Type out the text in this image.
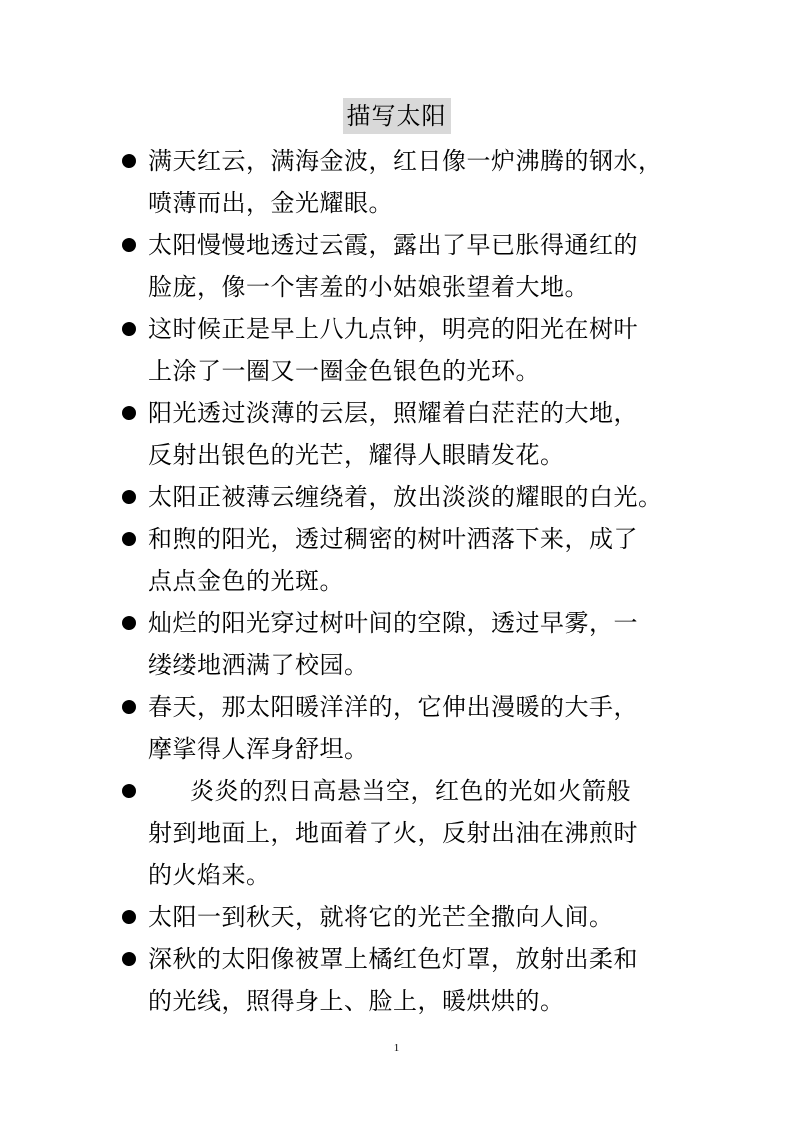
描写太阳
满天红云，满海金波，红日像一炉沸腾的钢水，
喷薄而出，金光耀眼。
太阳慢慢地透过云霞，露出了早已胀得通红的
脸庞，像一个害羞的小姑娘张望着大地。
这时候正是早上八九点钟，明亮的阳光在树叶
上涂了一圈又一圈金色银色的光环。
阳光透过淡薄的云层，照耀着白茫茫的大地，
反射出银色的光芒，耀得人眼睛发花。
太阳正被薄云缠绕着，放出淡淡的耀眼的白光。
和煦的阳光，透过稠密的树叶洒落下来，成了
点点金色的光斑。
灿烂的阳光穿过树叶间的空隙，透过早雾，一
缕缕地洒满了校园。
春天，那太阳暖洋洋的，它伸出漫暖的大手，
摩挲得人浑身舒坦。
炎炎的烈日高悬当空，红色的光如火箭般
射到地面上，地面着了火，反射出油在沸煎时
的火焰来。
太阳一到秋天，就将它的光芒全撒向人间。
深秋的太阳像被罩上橘红色灯罩，放射出柔和
的光线，照得身上、脸上，暖烘烘的。
1
